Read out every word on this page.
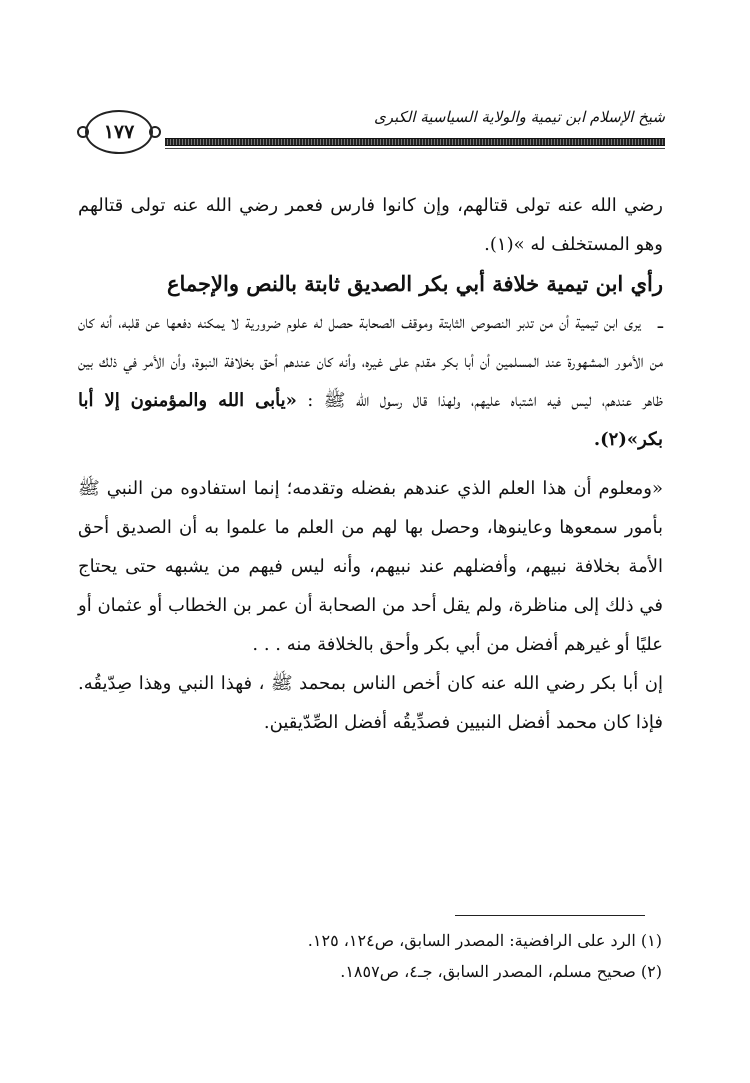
١٧٧
شيخ الإسلام ابن تيمية والولاية السياسية الكبرى

رضي الله عنه تولى قتالهم، وإن كانوا فارس فعمر رضي الله عنه تولى قتالهم وهو المستخلف له »(١).

رأي ابن تيمية خلافة أبي بكر الصديق ثابتة بالنص والإجماع

ـ يرى ابن تيمية أن من تدبر النصوص الثابتة وموقف الصحابة حصل له علوم ضرورية لا يمكنه دفعها عن قلبه، أنه كان من الأمور المشهورة عند المسلمين أن أبا بكر مقدم على غيره، وأنه كان عندهم أحق بخلافة النبوة، وأن الأمر في ذلك بين ظاهر عندهم، ليس فيه اشتباه عليهم، ولهذا قال رسول الله ﷺ : «يأبى الله والمؤمنون إلا أبا بكر»(٢).

«ومعلوم أن هذا العلم الذي عندهم بفضله وتقدمه؛ إنما استفادوه من النبي ﷺ بأمور سمعوها وعاينوها، وحصل بها لهم من العلم ما علموا به أن الصديق أحق الأمة بخلافة نبيهم، وأفضلهم عند نبيهم، وأنه ليس فيهم من يشبهه حتى يحتاج في ذلك إلى مناظرة، ولم يقل أحد من الصحابة أن عمر بن الخطاب أو عثمان أو عليًا أو غيرهم أفضل من أبي بكر وأحق بالخلافة منه . . .

إن أبا بكر رضي الله عنه كان أخص الناس بمحمد ﷺ ، فهذا النبي وهذا صِدّيقُه. فإذا كان محمد أفضل النبيين فصدِّيقُه أفضل الصِّدّيقين.

(١) الرد على الرافضية: المصدر السابق، ص١٢٤، ١٢٥.
(٢) صحيح مسلم، المصدر السابق، جـ٤، ص١٨٥٧.
